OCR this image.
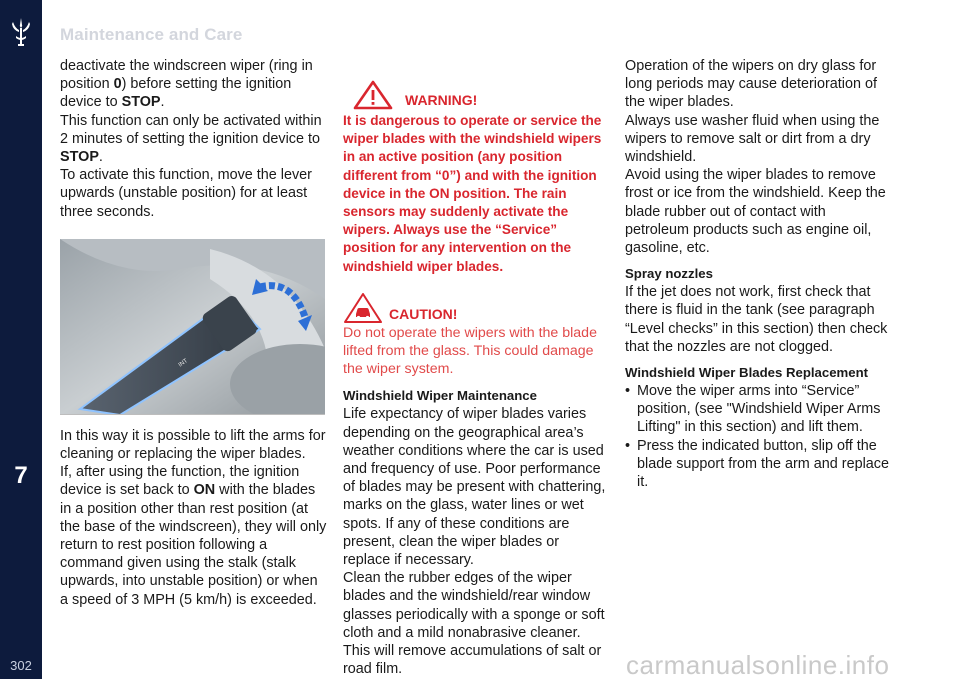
7
302
Maintenance and Care

deactivate the windscreen wiper (ring in position 0) before setting the ignition device to STOP.

This function can only be activated within 2 minutes of setting the ignition device to STOP.

To activate this function, move the lever upwards (unstable position) for at least three seconds.

INT

In this way it is possible to lift the arms for cleaning or replacing the wiper blades.

If, after using the function, the ignition device is set back to ON with the blades in a position other than rest position (at the base of the windscreen), they will only return to rest position following a command given using the stalk (stalk upwards, into unstable position) or when a speed of 3 MPH (5 km/h) is exceeded.

WARNING!

It is dangerous to operate or service the wiper blades with the windshield wipers in an active position (any position different from “0”) and with the ignition device in the ON position. The rain sensors may suddenly activate the wipers. Always use the “Service” position for any intervention on the windshield wiper blades.

CAUTION!

Do not operate the wipers with the blade lifted from the glass. This could damage the wiper system.

Windshield Wiper Maintenance

Life expectancy of wiper blades varies depending on the geographical area’s weather conditions where the car is used and frequency of use. Poor performance of blades may be present with chattering, marks on the glass, water lines or wet spots. If any of these conditions are present, clean the wiper blades or replace if necessary.

Clean the rubber edges of the wiper blades and the windshield/rear window glasses periodically with a sponge or soft cloth and a mild nonabrasive cleaner. This will remove accumulations of salt or road film.

Operation of the wipers on dry glass for long periods may cause deterioration of the wiper blades.

Always use washer fluid when using the wipers to remove salt or dirt from a dry windshield.

Avoid using the wiper blades to remove frost or ice from the windshield. Keep the blade rubber out of contact with petroleum products such as engine oil, gasoline, etc.

Spray nozzles

If the jet does not work, first check that there is fluid in the tank (see paragraph “Level checks” in this section) then check that the nozzles are not clogged.

Windshield Wiper Blades Replacement

• Move the wiper arms into “Service” position, (see "Windshield Wiper Arms Lifting" in this section) and lift them.
• Press the indicated button, slip off the blade support from the arm and replace it.
carmanualsonline.info
